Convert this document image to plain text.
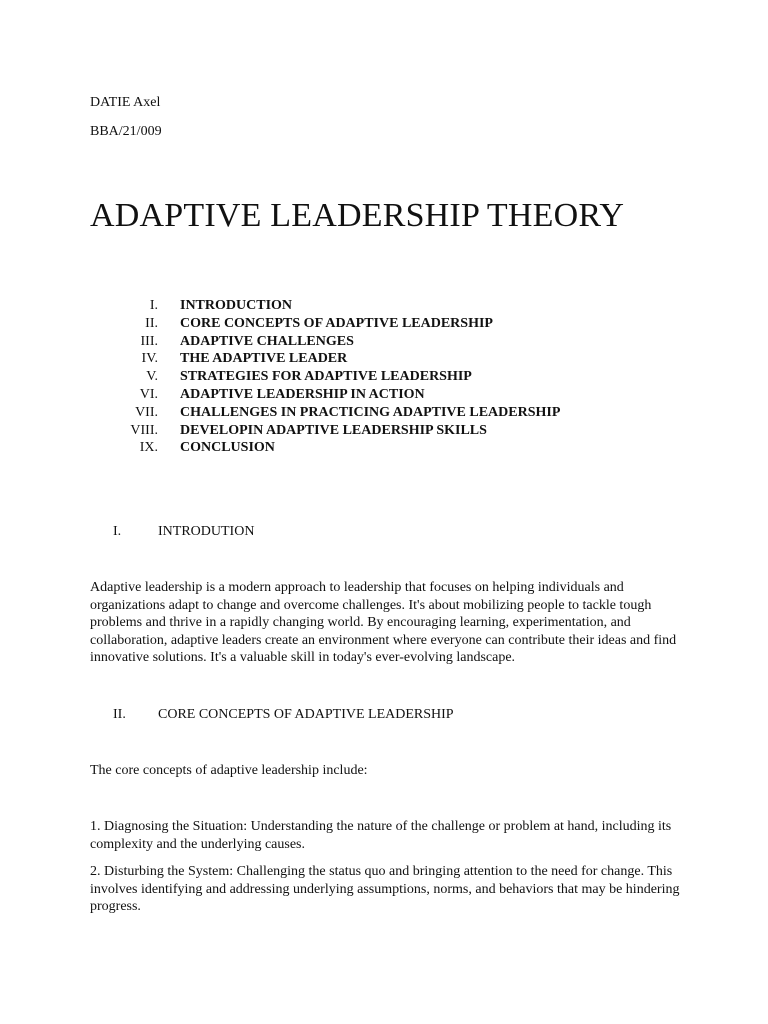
DATIE Axel
BBA/21/009
ADAPTIVE LEADERSHIP THEORY
I. INTRODUCTION
II. CORE CONCEPTS OF ADAPTIVE LEADERSHIP
III. ADAPTIVE CHALLENGES
IV. THE ADAPTIVE LEADER
V. STRATEGIES FOR ADAPTIVE LEADERSHIP
VI. ADAPTIVE LEADERSHIP IN ACTION
VII. CHALLENGES IN PRACTICING ADAPTIVE LEADERSHIP
VIII. DEVELOPIN ADAPTIVE LEADERSHIP SKILLS
IX. CONCLUSION
I.	INTRODUTION

Adaptive leadership is a modern approach to leadership that focuses on helping individuals and organizations adapt to change and overcome challenges. It's about mobilizing people to tackle tough problems and thrive in a rapidly changing world. By encouraging learning, experimentation, and collaboration, adaptive leaders create an environment where everyone can contribute their ideas and find innovative solutions. It's a valuable skill in today's ever-evolving landscape.

II. CORE CONCEPTS OF ADAPTIVE LEADERSHIP

The core concepts of adaptive leadership include:

1. Diagnosing the Situation: Understanding the nature of the challenge or problem at hand, including its complexity and the underlying causes.

2. Disturbing the System: Challenging the status quo and bringing attention to the need for change. This involves identifying and addressing underlying assumptions, norms, and behaviors that may be hindering progress.
